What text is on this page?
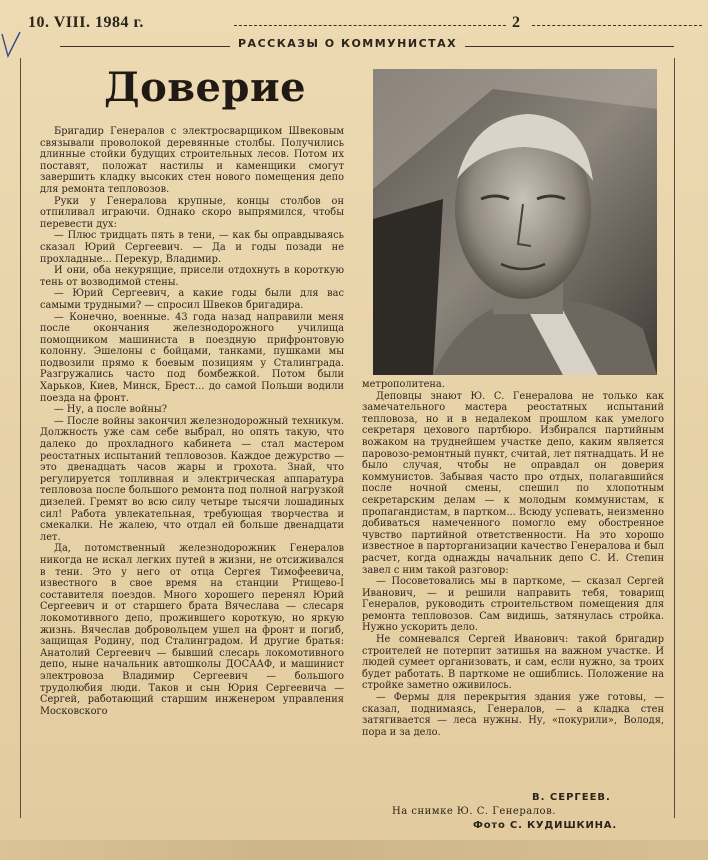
10. VIII. 1984 г.	2
РАССКАЗЫ О КОММУНИСТАХ
Доверие

Бригадир Генералов с электросварщиком Швековым связывали проволокой деревянные столбы. Получились длинные стойки будущих строительных лесов. Потом их поставят, положат настилы и каменщики смогут завершить кладку высоких стен нового помещения депо для ремонта тепловозов.

Руки у Генералова крупные, концы столбов он отпиливал играючи. Однако скоро выпрямился, чтобы перевести дух:

— Плюс тридцать пять в тени, — как бы оправдываясь сказал Юрий Сергеевич. — Да и годы позади не прохладные... Перекур, Владимир.

И они, оба некурящие, присели отдохнуть в короткую тень от возводимой стены.

— Юрий Сергеевич, а какие годы были для вас самыми трудными? — спросил Швеков бригадира.

— Конечно, военные. 43 года назад направили меня после окончания железнодорожного училища помощником машиниста в поездную прифронтовую колонну. Эшелоны с бойцами, танками, пушками мы подвозили прямо к боевым позициям у Сталинграда. Разгружались часто под бомбежкой. Потом были Харьков, Киев, Минск, Брест... до самой Польши водили поезда на фронт.

— Ну, а после войны?

— После войны закончил железнодорожный техникум. Должность уже сам себе выбрал, но опять такую, что далеко до прохладного кабинета — стал мастером реостатных испытаний тепловозов. Каждое дежурство — это двенадцать часов жары и грохота. Знай, что регулируется топливная и электрическая аппаратура тепловоза после большого ремонта под полной нагрузкой дизелей. Гремят во всю силу четыре тысячи лошадиных сил! Работа увлекательная, требующая творчества и смекалки. Не жалею, что отдал ей больше двенадцати лет.

Да, потомственный железнодорожник Генералов никогда не искал легких путей в жизни, не отсиживался в тени. Это у него от отца Сергея Тимофеевича, известного в свое время на станции Ртищево-I составителя поездов. Много хорошего перенял Юрий Сергеевич и от старшего брата Вячеслава — слесаря локомотивного депо, прожившего короткую, но яркую жизнь. Вячеслав добровольцем ушел на фронт и погиб, защищая Родину, под Сталинградом. И другие братья: Анатолий Сергеевич — бывший слесарь локомотивного депо, ныне начальник автошколы ДОСААФ, и машинист электровоза Владимир Сергеевич — большого трудолюбия люди. Таков и сын Юрия Сергеевича — Сергей, работающий старшим инженером управления Московского

метрополитена.

Деповцы знают Ю. С. Генералова не только как замечательного мастера реостатных испытаний тепловоза, но и в недалеком прошлом как умелого секретаря цехового партбюро. Избирался партийным вожаком на труднейшем участке депо, каким является паровозо-ремонтный пункт, считай, лет пятнадцать. И не было случая, чтобы не оправдал он доверия коммунистов. Забывая часто про отдых, полагавшийся после ночной смены, спешил по хлопотным секретарским делам — к молодым коммунистам, к пропагандистам, в партком... Всюду успевать, неизменно добиваться намеченного помогло ему обостренное чувство партийной ответственности. На это хорошо известное в парторганизации качество Генералова и был расчет, когда однажды начальник депо С. И. Степин завел с ним такой разговор:

— Посоветовались мы в парткоме, — сказал Сергей Иванович, — и решили направить тебя, товарищ Генералов, руководить строительством помещения для ремонта тепловозов. Сам видишь, затянулась стройка. Нужно ускорить дело.

Не сомневался Сергей Иванович: такой бригадир строителей не потерпит затишья на важном участке. И людей сумеет организовать, и сам, если нужно, за троих будет работать. В парткоме не ошиблись. Положение на стройке заметно оживилось.

— Фермы для перекрытия здания уже готовы, — сказал, поднимаясь, Генералов, — а кладка стен затягивается — леса нужны. Ну, «покурили», Володя, пора и за дело.

В. СЕРГЕЕВ.
На снимке Ю. С. Генералов.
Фото С. КУДИШКИНА.
